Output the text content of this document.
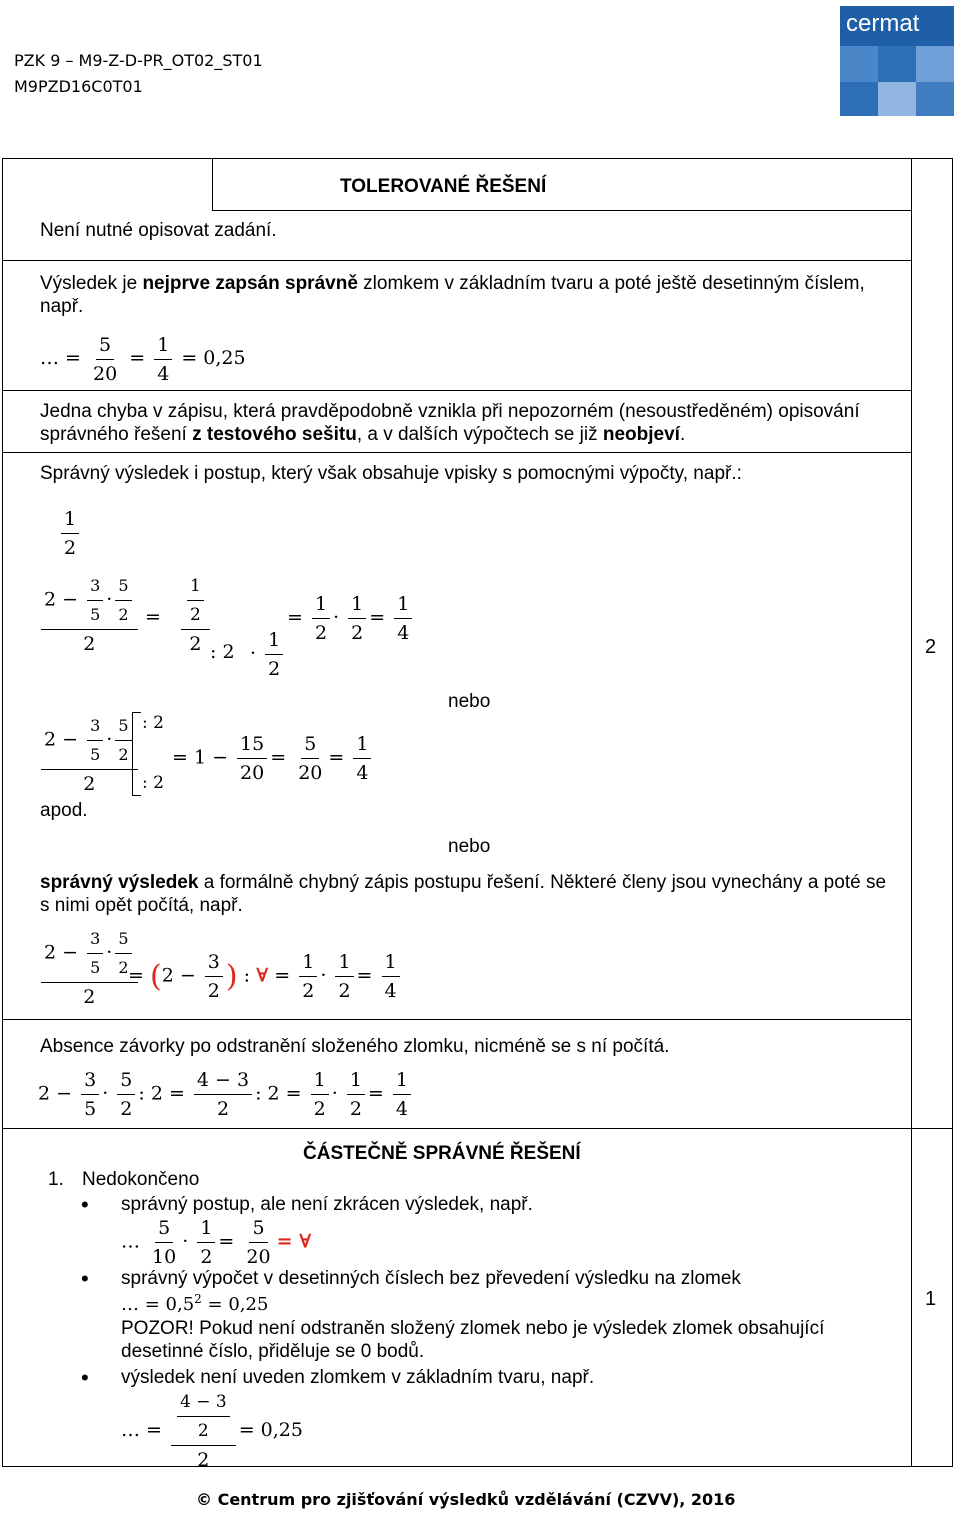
PZK 9 – M9-Z-D-PR_OT02_ST01
M9PZD16C0T01
cermat
TOLEROVANÉ ŘEŠENÍ
Není nutné opisovat zadání.
Výsledek je nejprve zapsán správně zlomkem v základním tvaru a poté ještě desetinným číslem, např.
… = $\frac{5}{20} = \frac{1}{4} = 0,25$
Jedna chyba v zápisu, která pravděpodobně vznikla při nepozorném (nesoustředěném) opisování správného řešení z testového sešitu, a v dalších výpočtech se již neobjeví.
Správný výsledek i postup, který však obsahuje vpisky s pomocnými výpočty, např.:
$\frac{1}{2}$
$\frac{2 - \frac{3}{5} \cdot \frac{5}{2}}{2} = \frac{\frac{1}{2}}{2}$ : $2 \cdot \frac{1}{2}$
= $\frac{1}{2} \cdot \frac{1}{2} = \frac{1}{4}$
nebo
$\frac{2 - \frac{3}{5} \cdot \frac{5}{2}}{2}$ : 2
: 2
= $1 - \frac{15}{20} = \frac{5}{20} = \frac{1}{4}$
apod.
nebo
správný výsledek a formálně chybný zápis postupu řešení. Některé členy jsou vynechány a poté se s nimi opět počítá, např.
$\frac{2 - \frac{3}{5} \cdot \frac{5}{2}}{2}$
= ($2 - \frac{3}{2}$ ) : ∀ = $\frac{1}{2} \cdot \frac{1}{2} = \frac{1}{4}$
Absence závorky po odstranění složeného zlomku, nicméně se s ní počítá.
$2 - \frac{3}{5} \cdot \frac{5}{2}$ : $2 = \frac{4 - 3}{2}$ : $2 = \frac{1}{2} \cdot \frac{1}{2} = \frac{1}{4}$
2
ČÁSTEČNĚ SPRÁVNÉ ŘEŠENÍ
1. Nedokončeno
• správný postup, ale není zkrácen výsledek, např.
… $\frac{5}{10} \cdot \frac{1}{2} = \frac{5}{20}$ = ∀
• správný výpočet v desetinných číslech bez převedení výsledku na zlomek
… = $0,5^2 = 0,25$
POZOR! Pokud není odstraněn složený zlomek nebo je výsledek zlomek obsahující desetinné číslo, přiděluje se 0 bodů.
• výsledek není uveden zlomkem v základním tvaru, např.
… = $\frac{\frac{4 - 3}{2}}{2} = 0,25$
1
© Centrum pro zjišťování výsledků vzdělávání (CZVV), 2016
